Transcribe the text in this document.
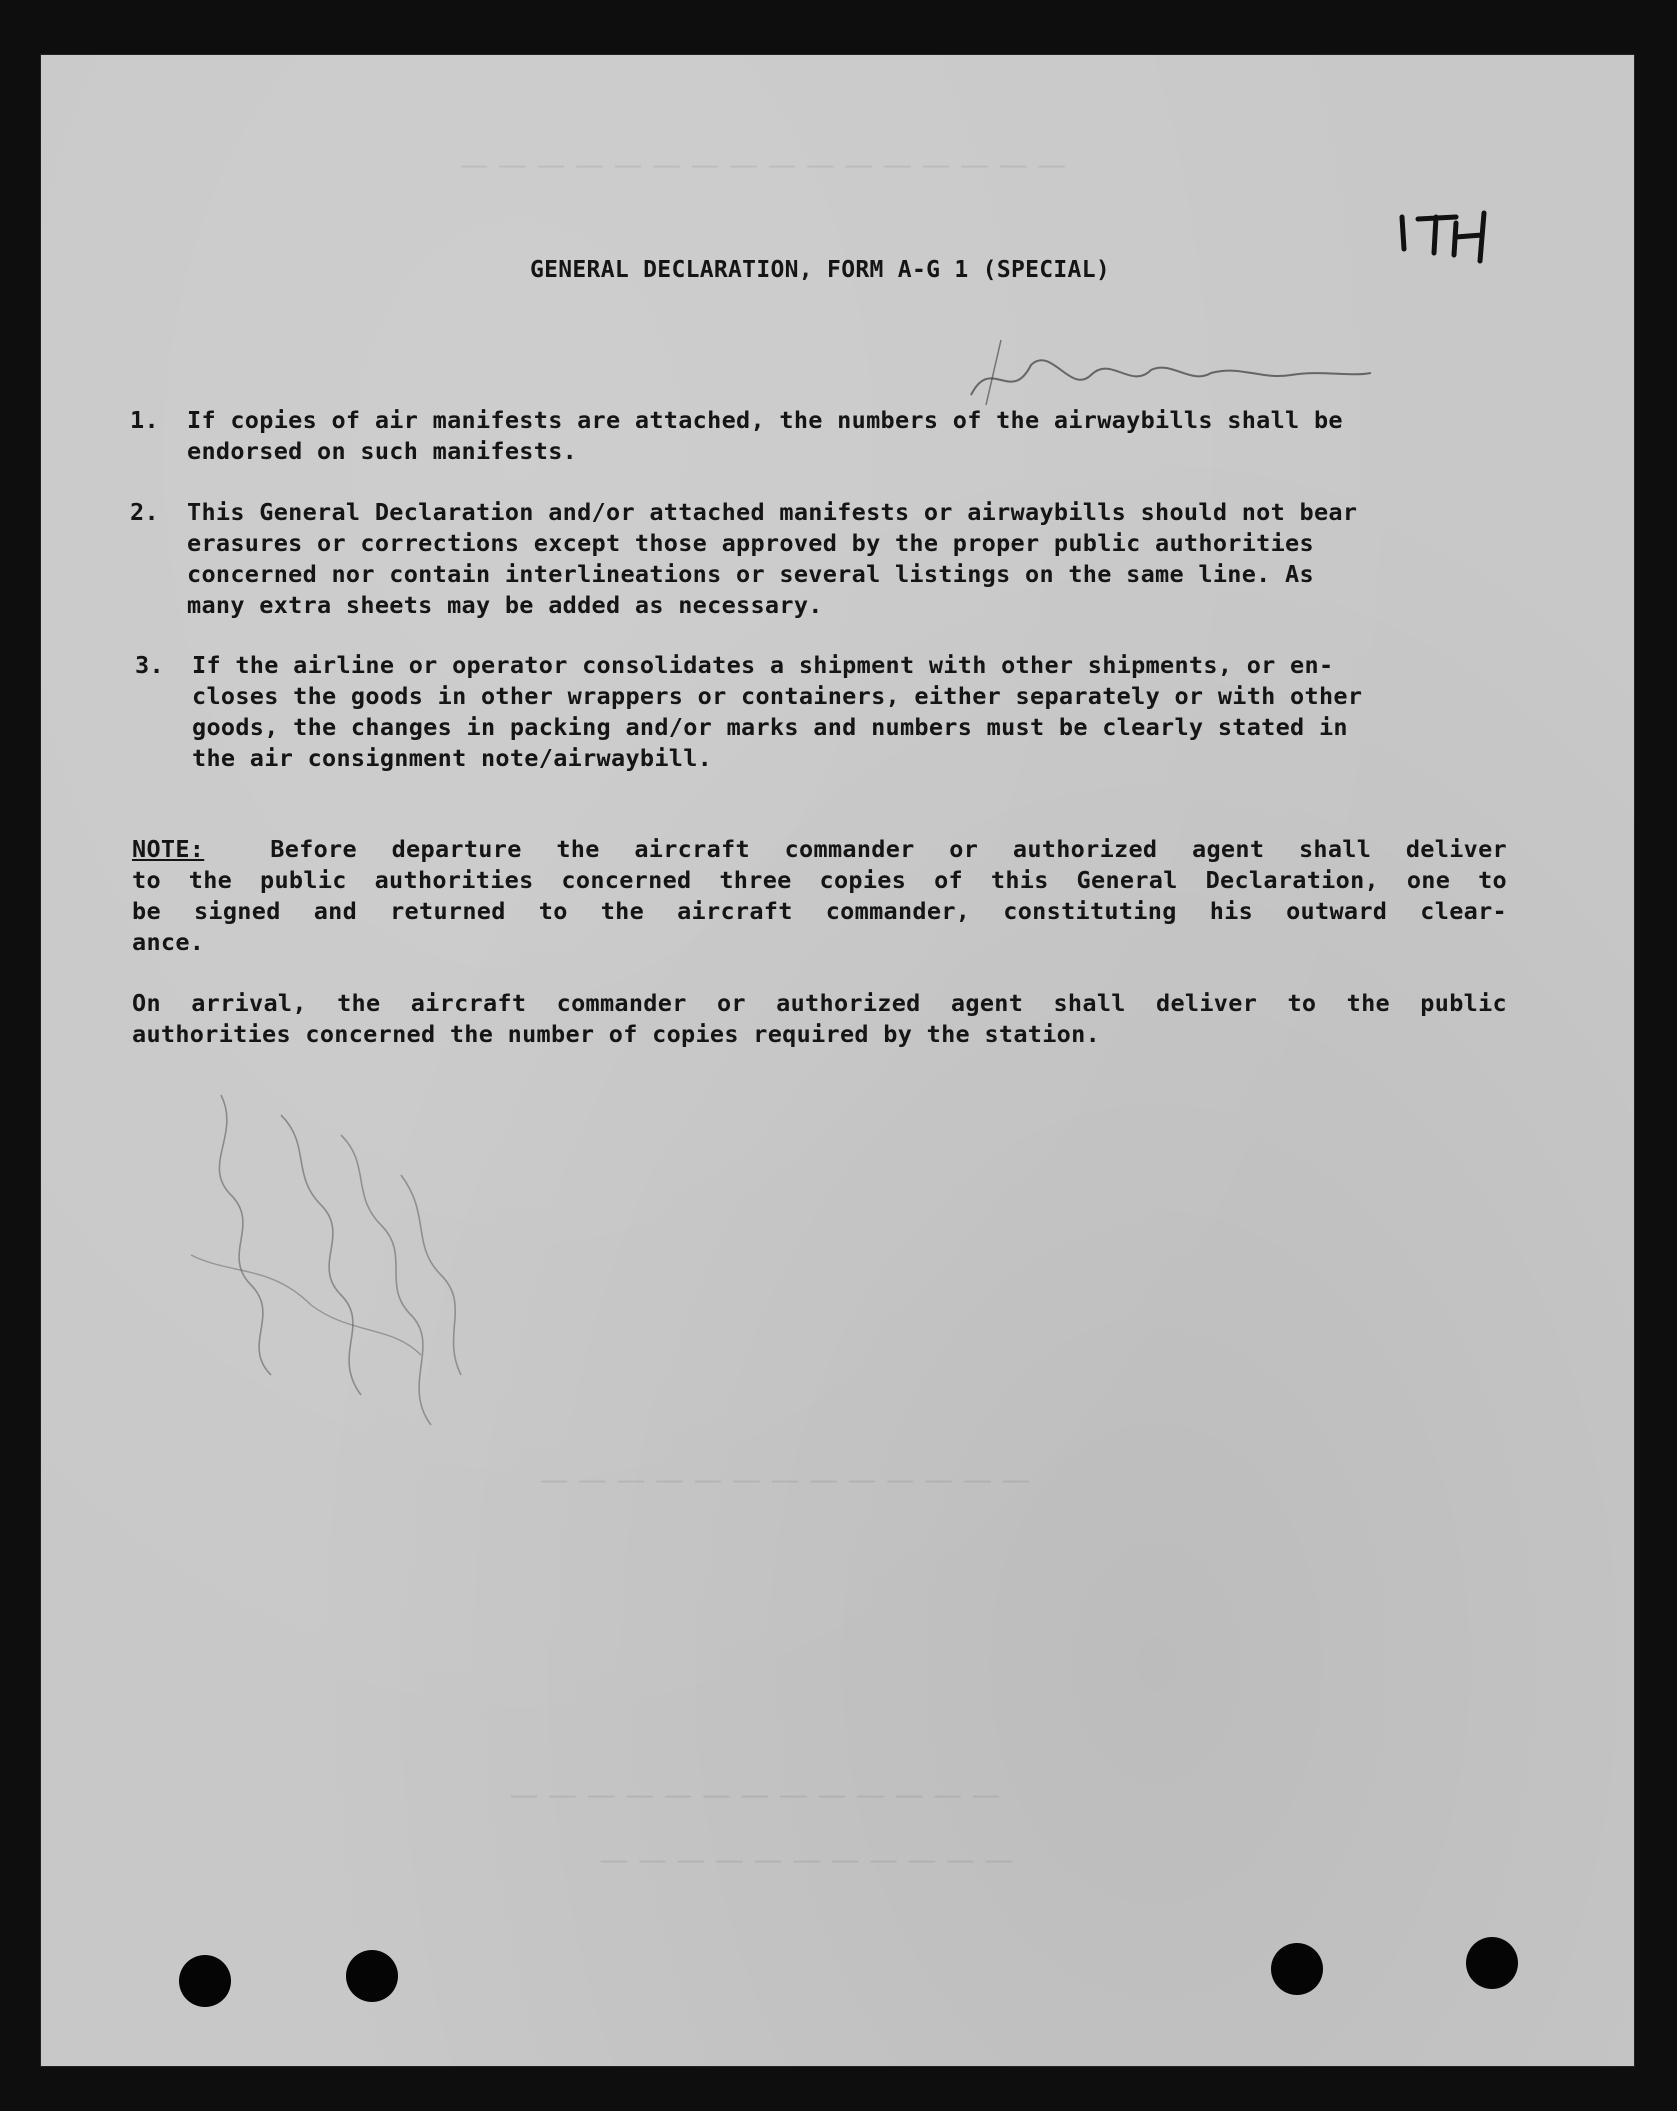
— — — — — — — — — — — — — — — —
— — — — — — — — — — — — —
— — — — — — — — — — — — —
— — — — — — — — — — —
GENERAL DECLARATION, FORM A-G 1 (SPECIAL)
1.	If copies of air manifests are attached, the numbers of the airwaybills shall be
endorsed on such manifests.
2.	This General Declaration and/or attached manifests or airwaybills should not bear
erasures or corrections except those approved by the proper public authorities
concerned nor contain interlineations or several listings on the same line. As
many extra sheets may be added as necessary.
3.	If the airline or operator consolidates a shipment with other shipments, or en-
closes the goods in other wrappers or containers, either separately or with other
goods, the changes in packing and/or marks and numbers must be clearly stated in
the air consignment note/airwaybill.
NOTE:	Before departure the aircraft commander or authorized agent shall deliver
to the public authorities concerned three copies of this General Declaration, one to
be signed and returned to the aircraft commander, constituting his outward clear-
ance.
On arrival, the aircraft commander or authorized agent shall deliver to the public
authorities concerned the number of copies required by the station.
